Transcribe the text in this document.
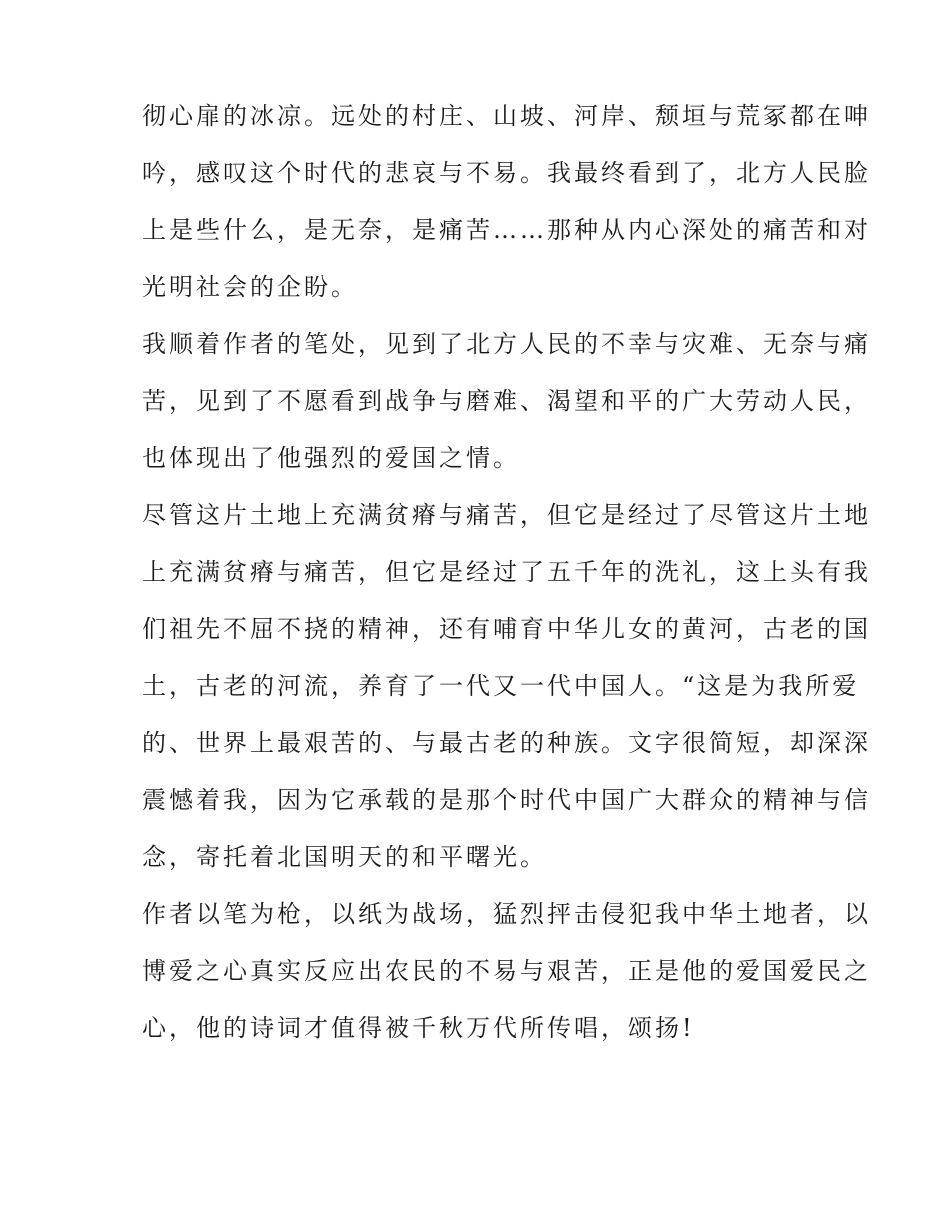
彻心扉的冰凉。远处的村庄、山坡、河岸、颓垣与荒冢都在呻
吟，感叹这个时代的悲哀与不易。我最终看到了，北方人民脸
上是些什么，是无奈，是痛苦……那种从内心深处的痛苦和对
光明社会的企盼。
我顺着作者的笔处，见到了北方人民的不幸与灾难、无奈与痛
苦，见到了不愿看到战争与磨难、渴望和平的广大劳动人民，
也体现出了他强烈的爱国之情。
尽管这片土地上充满贫瘠与痛苦，但它是经过了尽管这片土地
上充满贫瘠与痛苦，但它是经过了五千年的洗礼，这上头有我
们祖先不屈不挠的精神，还有哺育中华儿女的黄河，古老的国
土，古老的河流，养育了一代又一代中国人。“这是为我所爱
的、世界上最艰苦的、与最古老的种族。文字很简短，却深深
震憾着我，因为它承载的是那个时代中国广大群众的精神与信
念，寄托着北国明天的和平曙光。
作者以笔为枪，以纸为战场，猛烈抨击侵犯我中华土地者，以
博爱之心真实反应出农民的不易与艰苦，正是他的爱国爱民之
心，他的诗词才值得被千秋万代所传唱，颂扬!
